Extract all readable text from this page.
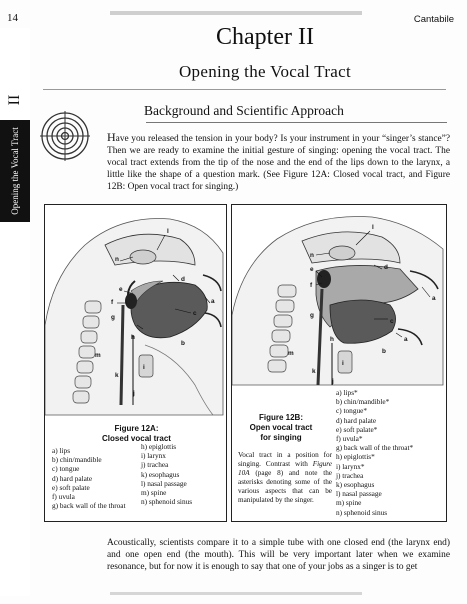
14	Cantabile
II
Opening the Vocal Tract
Chapter II
Opening the Vocal Tract
Background and Scientific Approach

Have you released the tension in your body? Is your instrument in your “singer’s stance”? Then we are ready to examine the initial gesture of singing: opening the vocal tract. The vocal tract extends from the tip of the nose and the end of the lips down to the larynx, a little like the shape of a question mark. (See Figure 12A: Closed vocal tract, and Figure 12B: Open vocal tract for singing.)

n
l
d
e
f	a
c
b
g
h
m
i
k
j
Figure 12A:
Closed vocal tract
a) lips
b) chin/mandible
c) tongue
d) hard palate
e) soft palate
f) uvula
g) back wall of the throat
h) epiglottis
i) larynx
j) trachea
k) esophagus
l) nasal passage
m) spine
n) sphenoid sinus
n
l
d
e
f
a
c
a
b
g
h
m
i
k
j
Figure 12B:
Open vocal tract
for singing

Vocal tract in a position for singing. Contrast with Figure 10A (page 8) and note the asterisks denoting some of the various aspects that can be manipulated by the singer.

a) lips*
b) chin/mandible*
c) tongue*
d) hard palate
e) soft palate*
f) uvula*
g) back wall of the throat*
h) epiglottis*
i) larynx*
j) trachea
k) esophagus
l) nasal passage
m) spine
n) sphenoid sinus

Acoustically, scientists compare it to a simple tube with one closed end (the larynx end) and one open end (the mouth). This will be very important later when we examine resonance, but for now it is enough to say that one of your jobs as a singer is to get
